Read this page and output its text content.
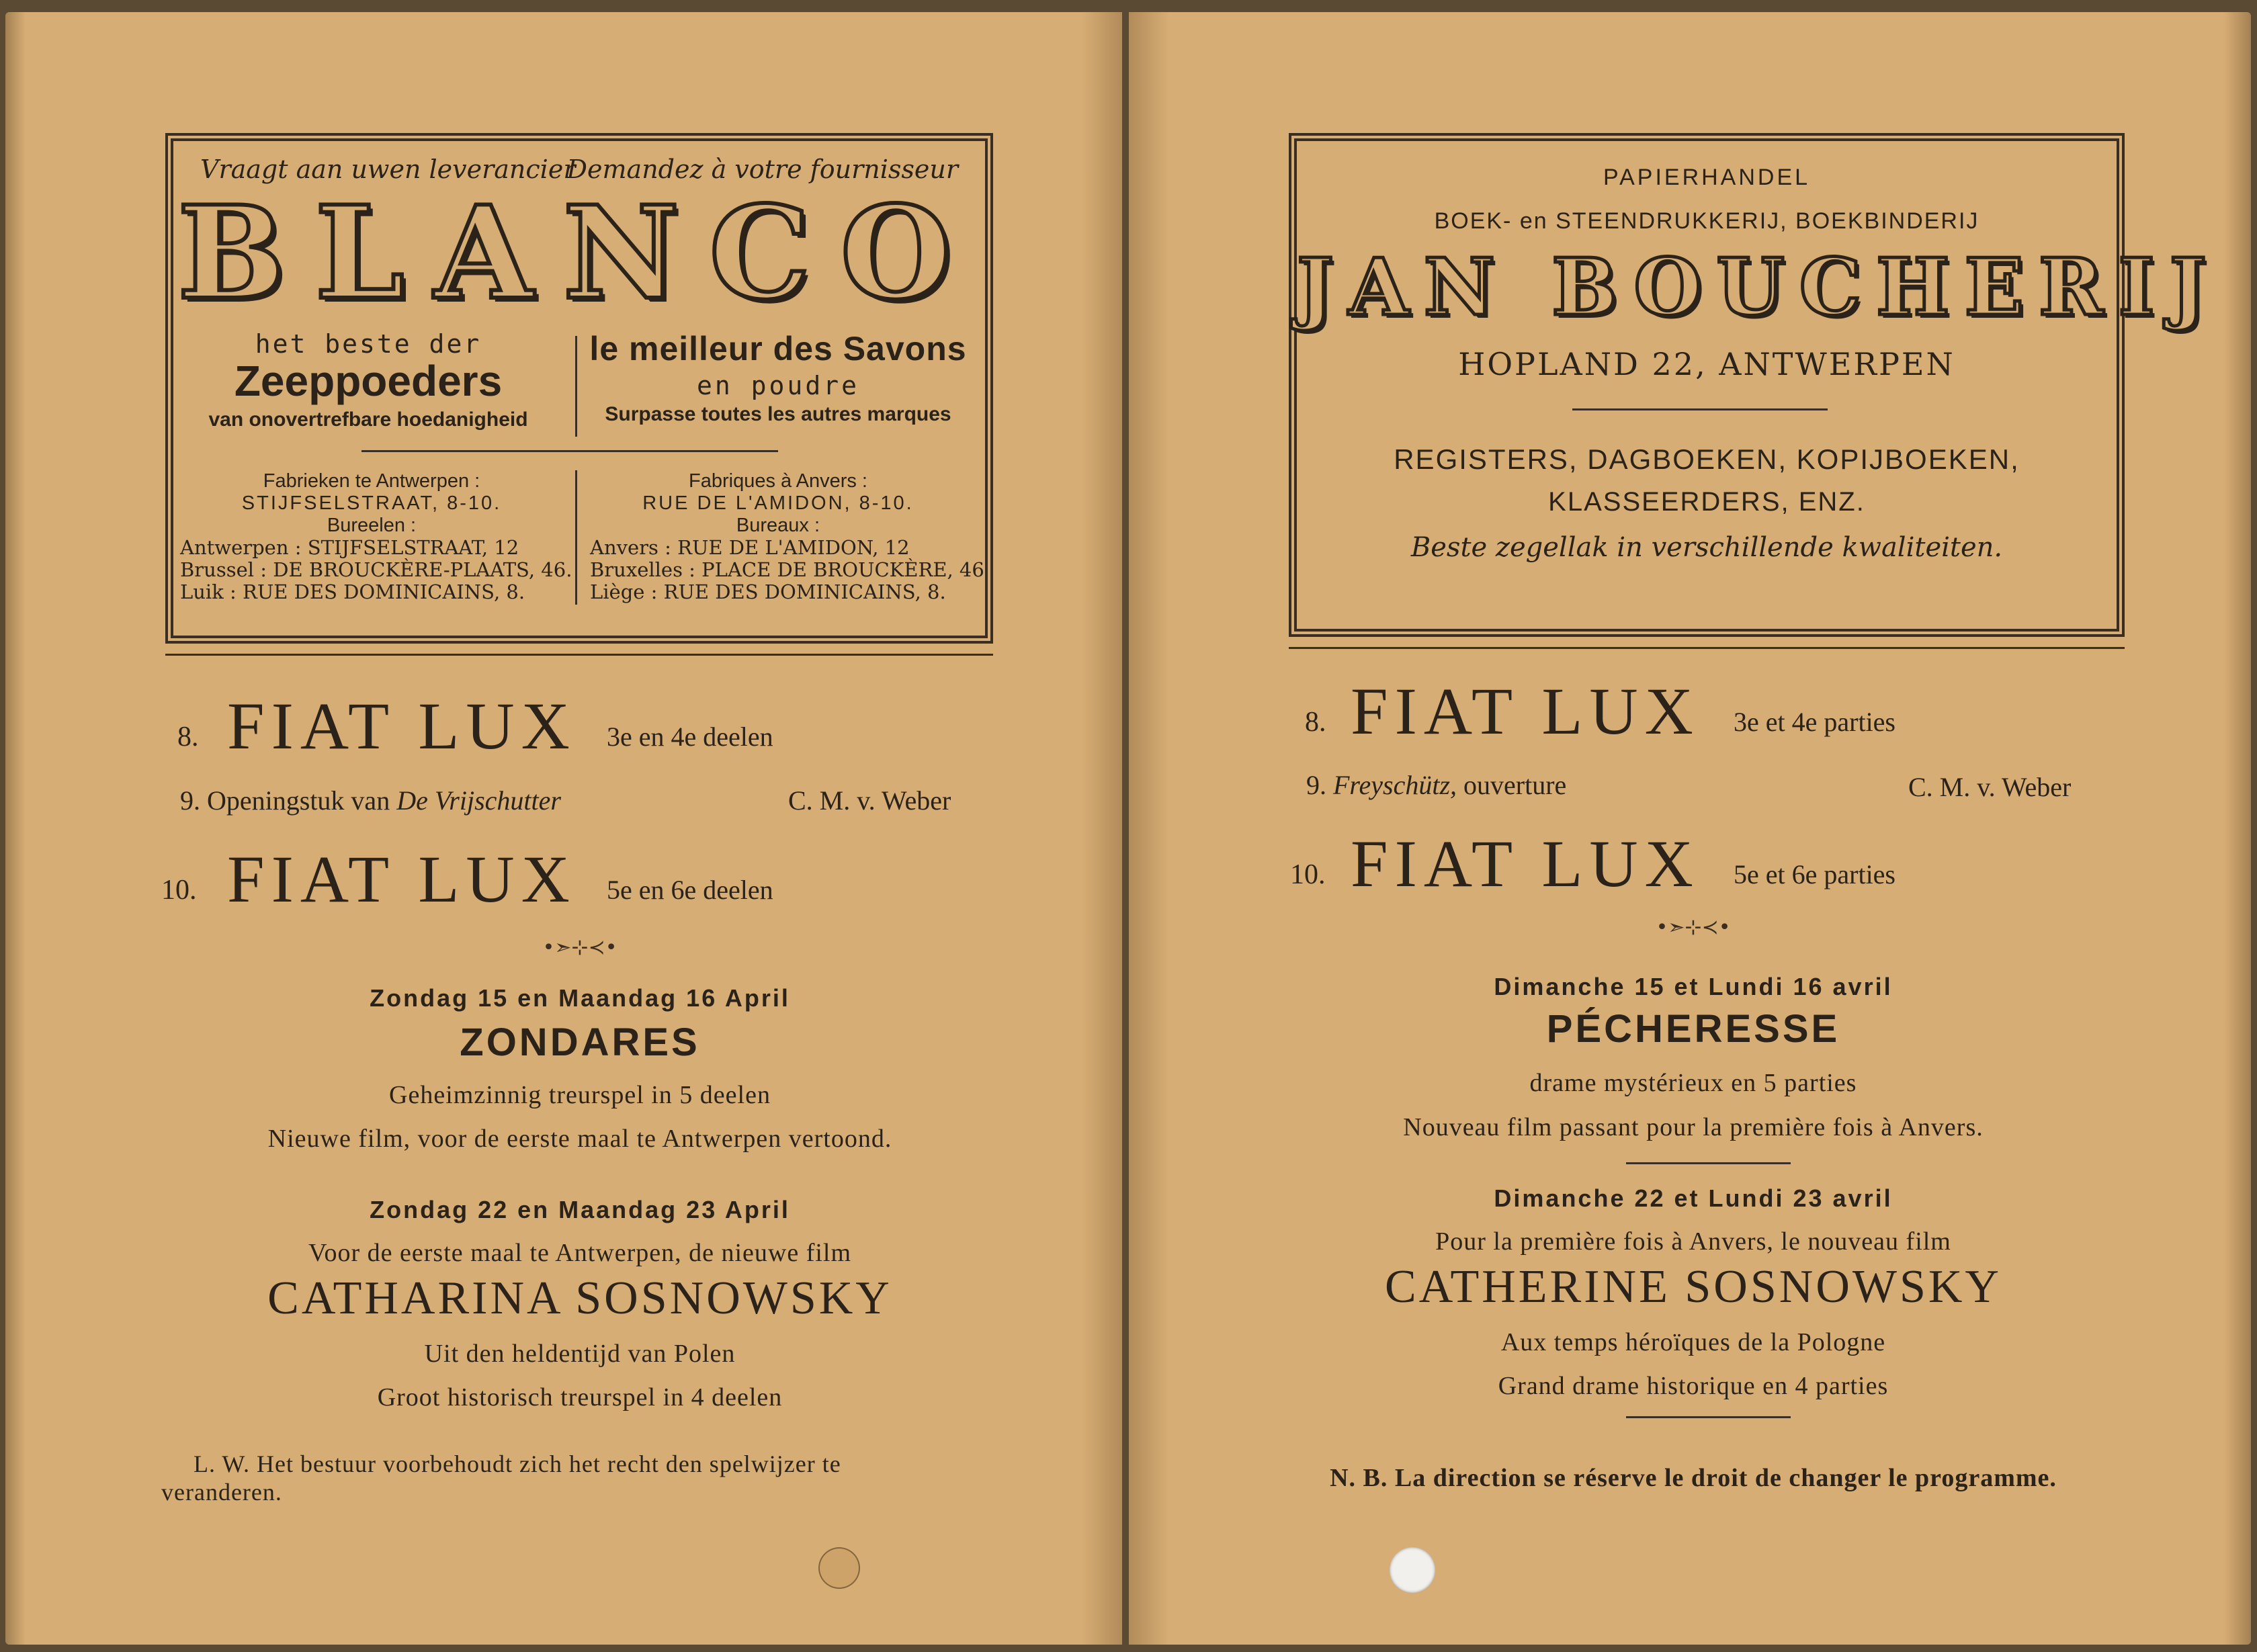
Vraagt aan uwen leverancier
Demandez à votre fournisseur
BLANCO
het beste der
Zeeppoeders
van onovertrefbare hoedanigheid
le meilleur des Savons
en poudre
Surpasse toutes les autres marques
Fabrieken te Antwerpen :
STIJFSELSTRAAT, 8-10.
Bureelen :
Antwerpen : STIJFSELSTRAAT, 12
Brussel : DE BROUCKÈRE-PLAATS, 46.
Luik : RUE DES DOMINICAINS, 8.
Fabriques à Anvers :
RUE DE L'AMIDON, 8-10.
Bureaux :
Anvers : RUE DE L'AMIDON, 12
Bruxelles : PLACE DE BROUCKÈRE, 46
Liège : RUE DES DOMINICAINS, 8.
8. FIAT LUX 3e en 4e deelen
9. Openingstuk van De Vrijschutter	C. M. v. Weber
10. FIAT LUX 5e en 6e deelen
•➣⊹≺•
Zondag 15 en Maandag 16 April
ZONDARES
Geheimzinnig treurspel in 5 deelen
Nieuwe film, voor de eerste maal te Antwerpen vertoond.
Zondag 22 en Maandag 23 April
Voor de eerste maal te Antwerpen, de nieuwe film
CATHARINA SOSNOWSKY
Uit den heldentijd van Polen
Groot historisch treurspel in 4 deelen
L. W. Het bestuur voorbehoudt zich het recht den spelwijzer te
veranderen.
PAPIERHANDEL
BOEK- en STEENDRUKKERIJ, BOEKBINDERIJ
JAN BOUCHERIJ
HOPLAND 22, ANTWERPEN
REGISTERS, DAGBOEKEN, KOPIJBOEKEN,
KLASSEERDERS, ENZ.
Beste zegellak in verschillende kwaliteiten.
8. FIAT LUX 3e et 4e parties
9. Freyschütz, ouverture	C. M. v. Weber
10. FIAT LUX 5e et 6e parties
•➣⊹≺•
Dimanche 15 et Lundi 16 avril
PÉCHERESSE
drame mystérieux en 5 parties
Nouveau film passant pour la première fois à Anvers.
Dimanche 22 et Lundi 23 avril
Pour la première fois à Anvers, le nouveau film
CATHERINE SOSNOWSKY
Aux temps héroïques de la Pologne
Grand drame historique en 4 parties
N. B. La direction se réserve le droit de changer le programme.
